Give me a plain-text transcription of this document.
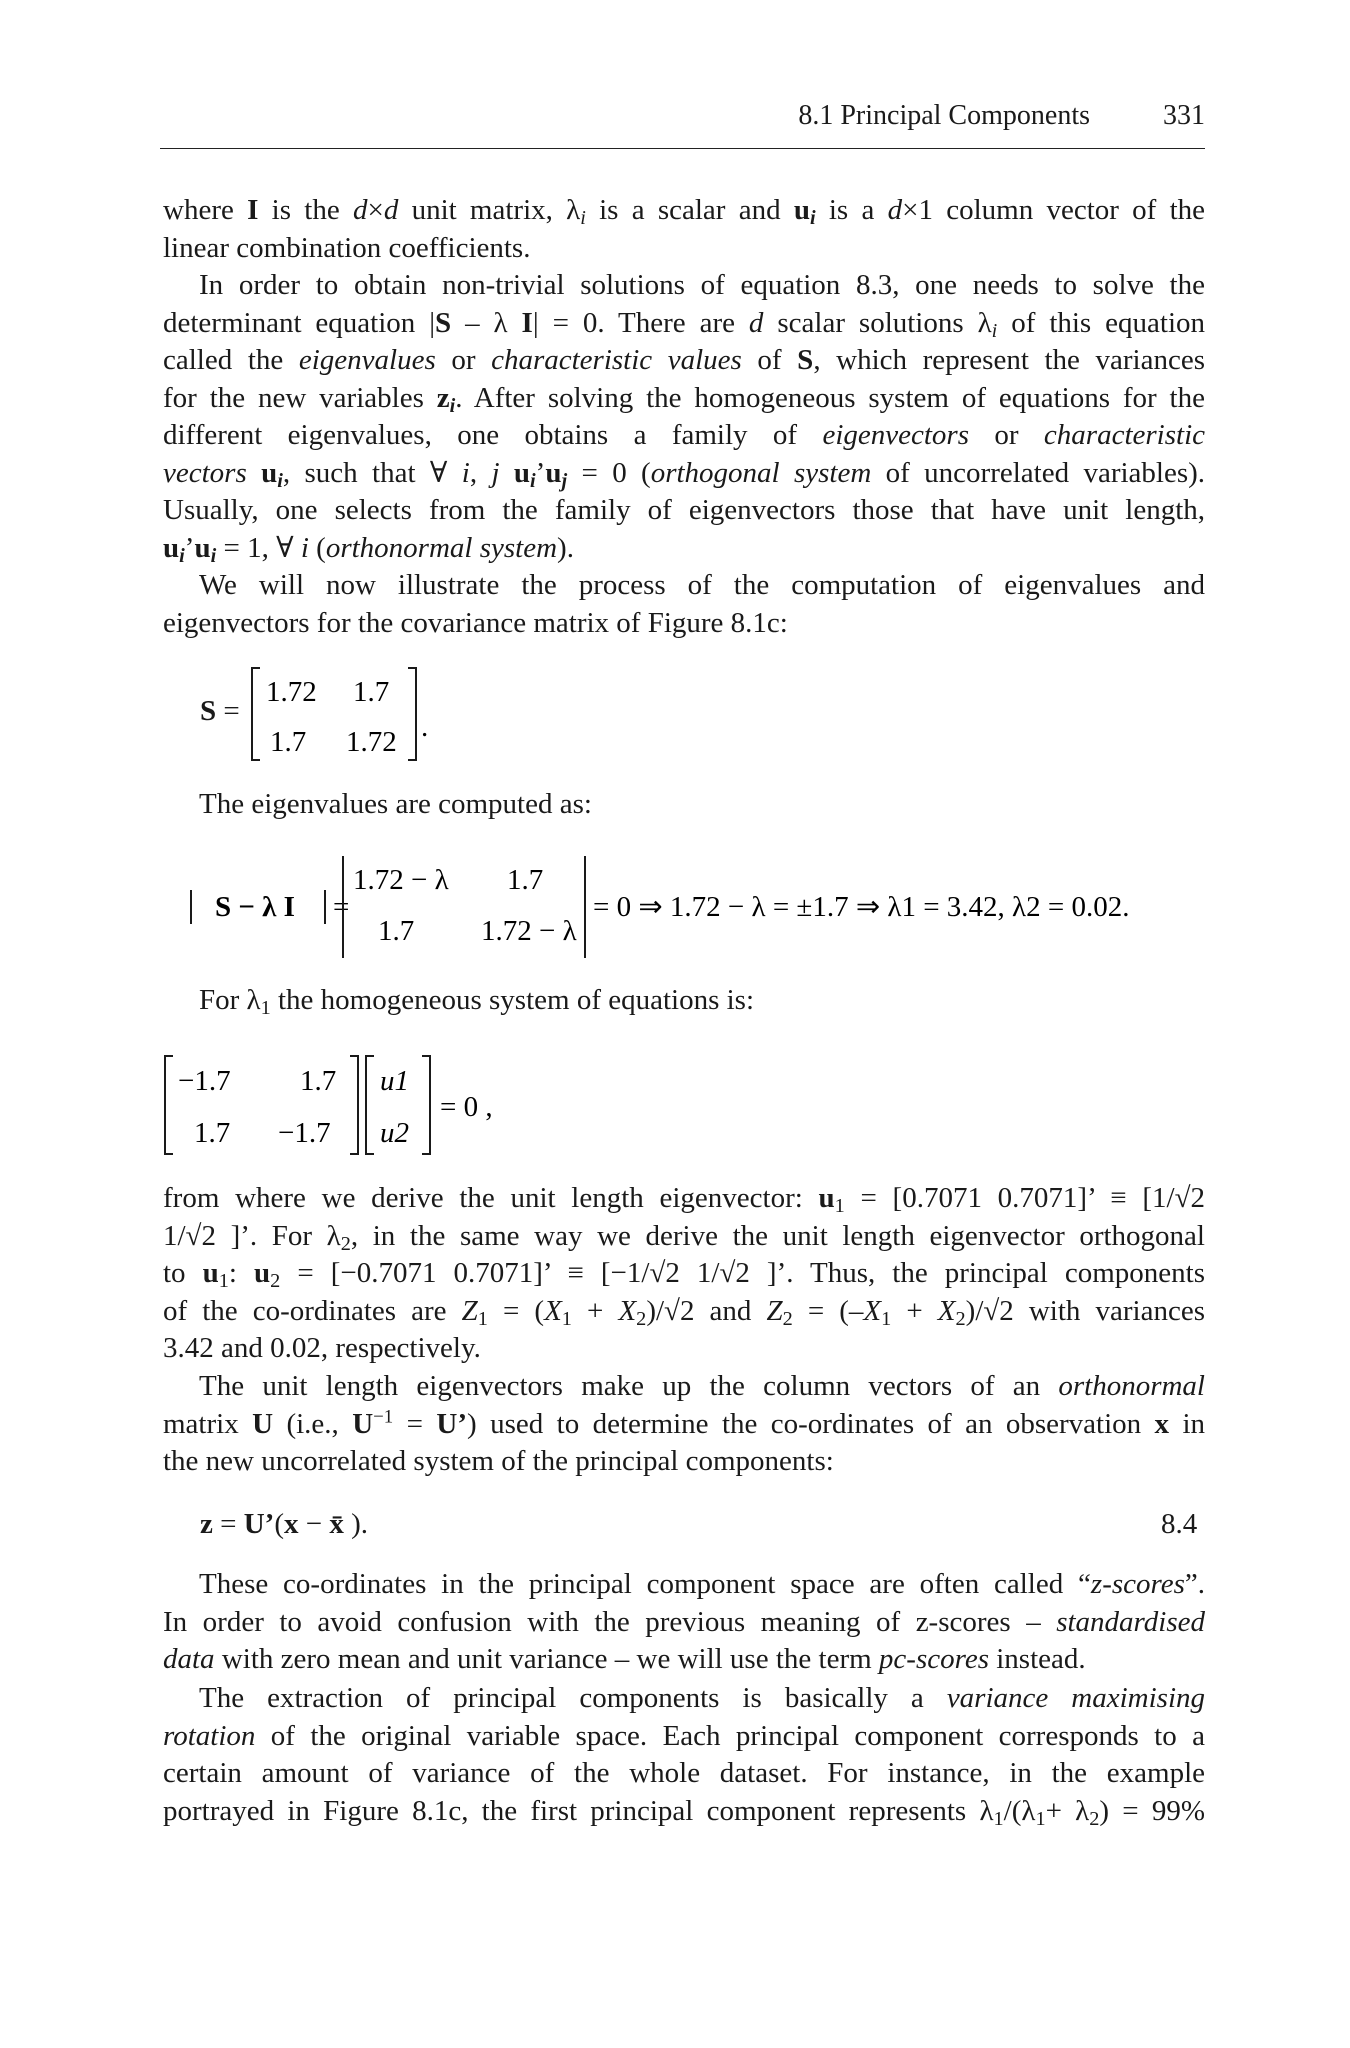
8.1 Principal Components	331
where I is the d×d unit matrix, $\lambda_i$ is a scalar and $u_i$ is a d×1 column vector of the
linear combination coefficients.
In order to obtain non-trivial solutions of equation 8.3, one needs to solve the
determinant equation |S – λ I| = 0. There are d scalar solutions $\lambda_i$ of this equation
called the eigenvalues or characteristic values of S, which represent the variances
for the new variables $z_i$. After solving the homogeneous system of equations for the
different eigenvalues, one obtains a family of eigenvectors or characteristic
vectors $u_i$, such that ∀ i, j $u_i’u_j = 0$ (orthogonal system of uncorrelated variables).
Usually, one selects from the family of eigenvectors those that have unit length,
$u_i’u_i = 1$, ∀ i (orthonormal system).
We will now illustrate the process of the computation of eigenvalues and
eigenvectors for the covariance matrix of Figure 8.1c:
S =
1.72 1.7
1.7 1.72 .
The eigenvalues are computed as:
S − λ I =
1.72 − λ 1.7
1.7 1.72 − λ
= 0 ⇒ 1.72 − λ = ±1.7 ⇒ λ1 = 3.42, λ2 = 0.02.
For $\lambda_1$ the homogeneous system of equations is:
−1.7 1.7
1.7 −1.7
u1
u2
= 0 ,
from where we derive the unit length eigenvector: $u_1 = [0.7071$ 0.7071]’ ≡ [1/√2
1/√2 ]’. For $\lambda_2$, in the same way we derive the unit length eigenvector orthogonal
to $u_1$: $u_2 = [-0.7071$ 0.7071]’ ≡ [−1/√2 1/√2 ]’. Thus, the principal components
of the co-ordinates are $Z_1 = (X_1 + X_2)/√2$ and $Z_2 = (-X_1 + X_2)/√2$ with variances
3.42 and 0.02, respectively.
The unit length eigenvectors make up the column vectors of an orthonormal
matrix U (i.e., $U^{-1}$ = U’) used to determine the co-ordinates of an observation x in
the new uncorrelated system of the principal components:
z = U’(x − x̄ ).	8.4
These co-ordinates in the principal component space are often called “z-scores”.
In order to avoid confusion with the previous meaning of z-scores – standardised
data with zero mean and unit variance – we will use the term pc-scores instead.
The extraction of principal components is basically a variance maximising
rotation of the original variable space. Each principal component corresponds to a
certain amount of variance of the whole dataset. For instance, in the example
portrayed in Figure 8.1c, the first principal component represents $\lambda_1/(\lambda_1+ \lambda_2) = 99\%$
